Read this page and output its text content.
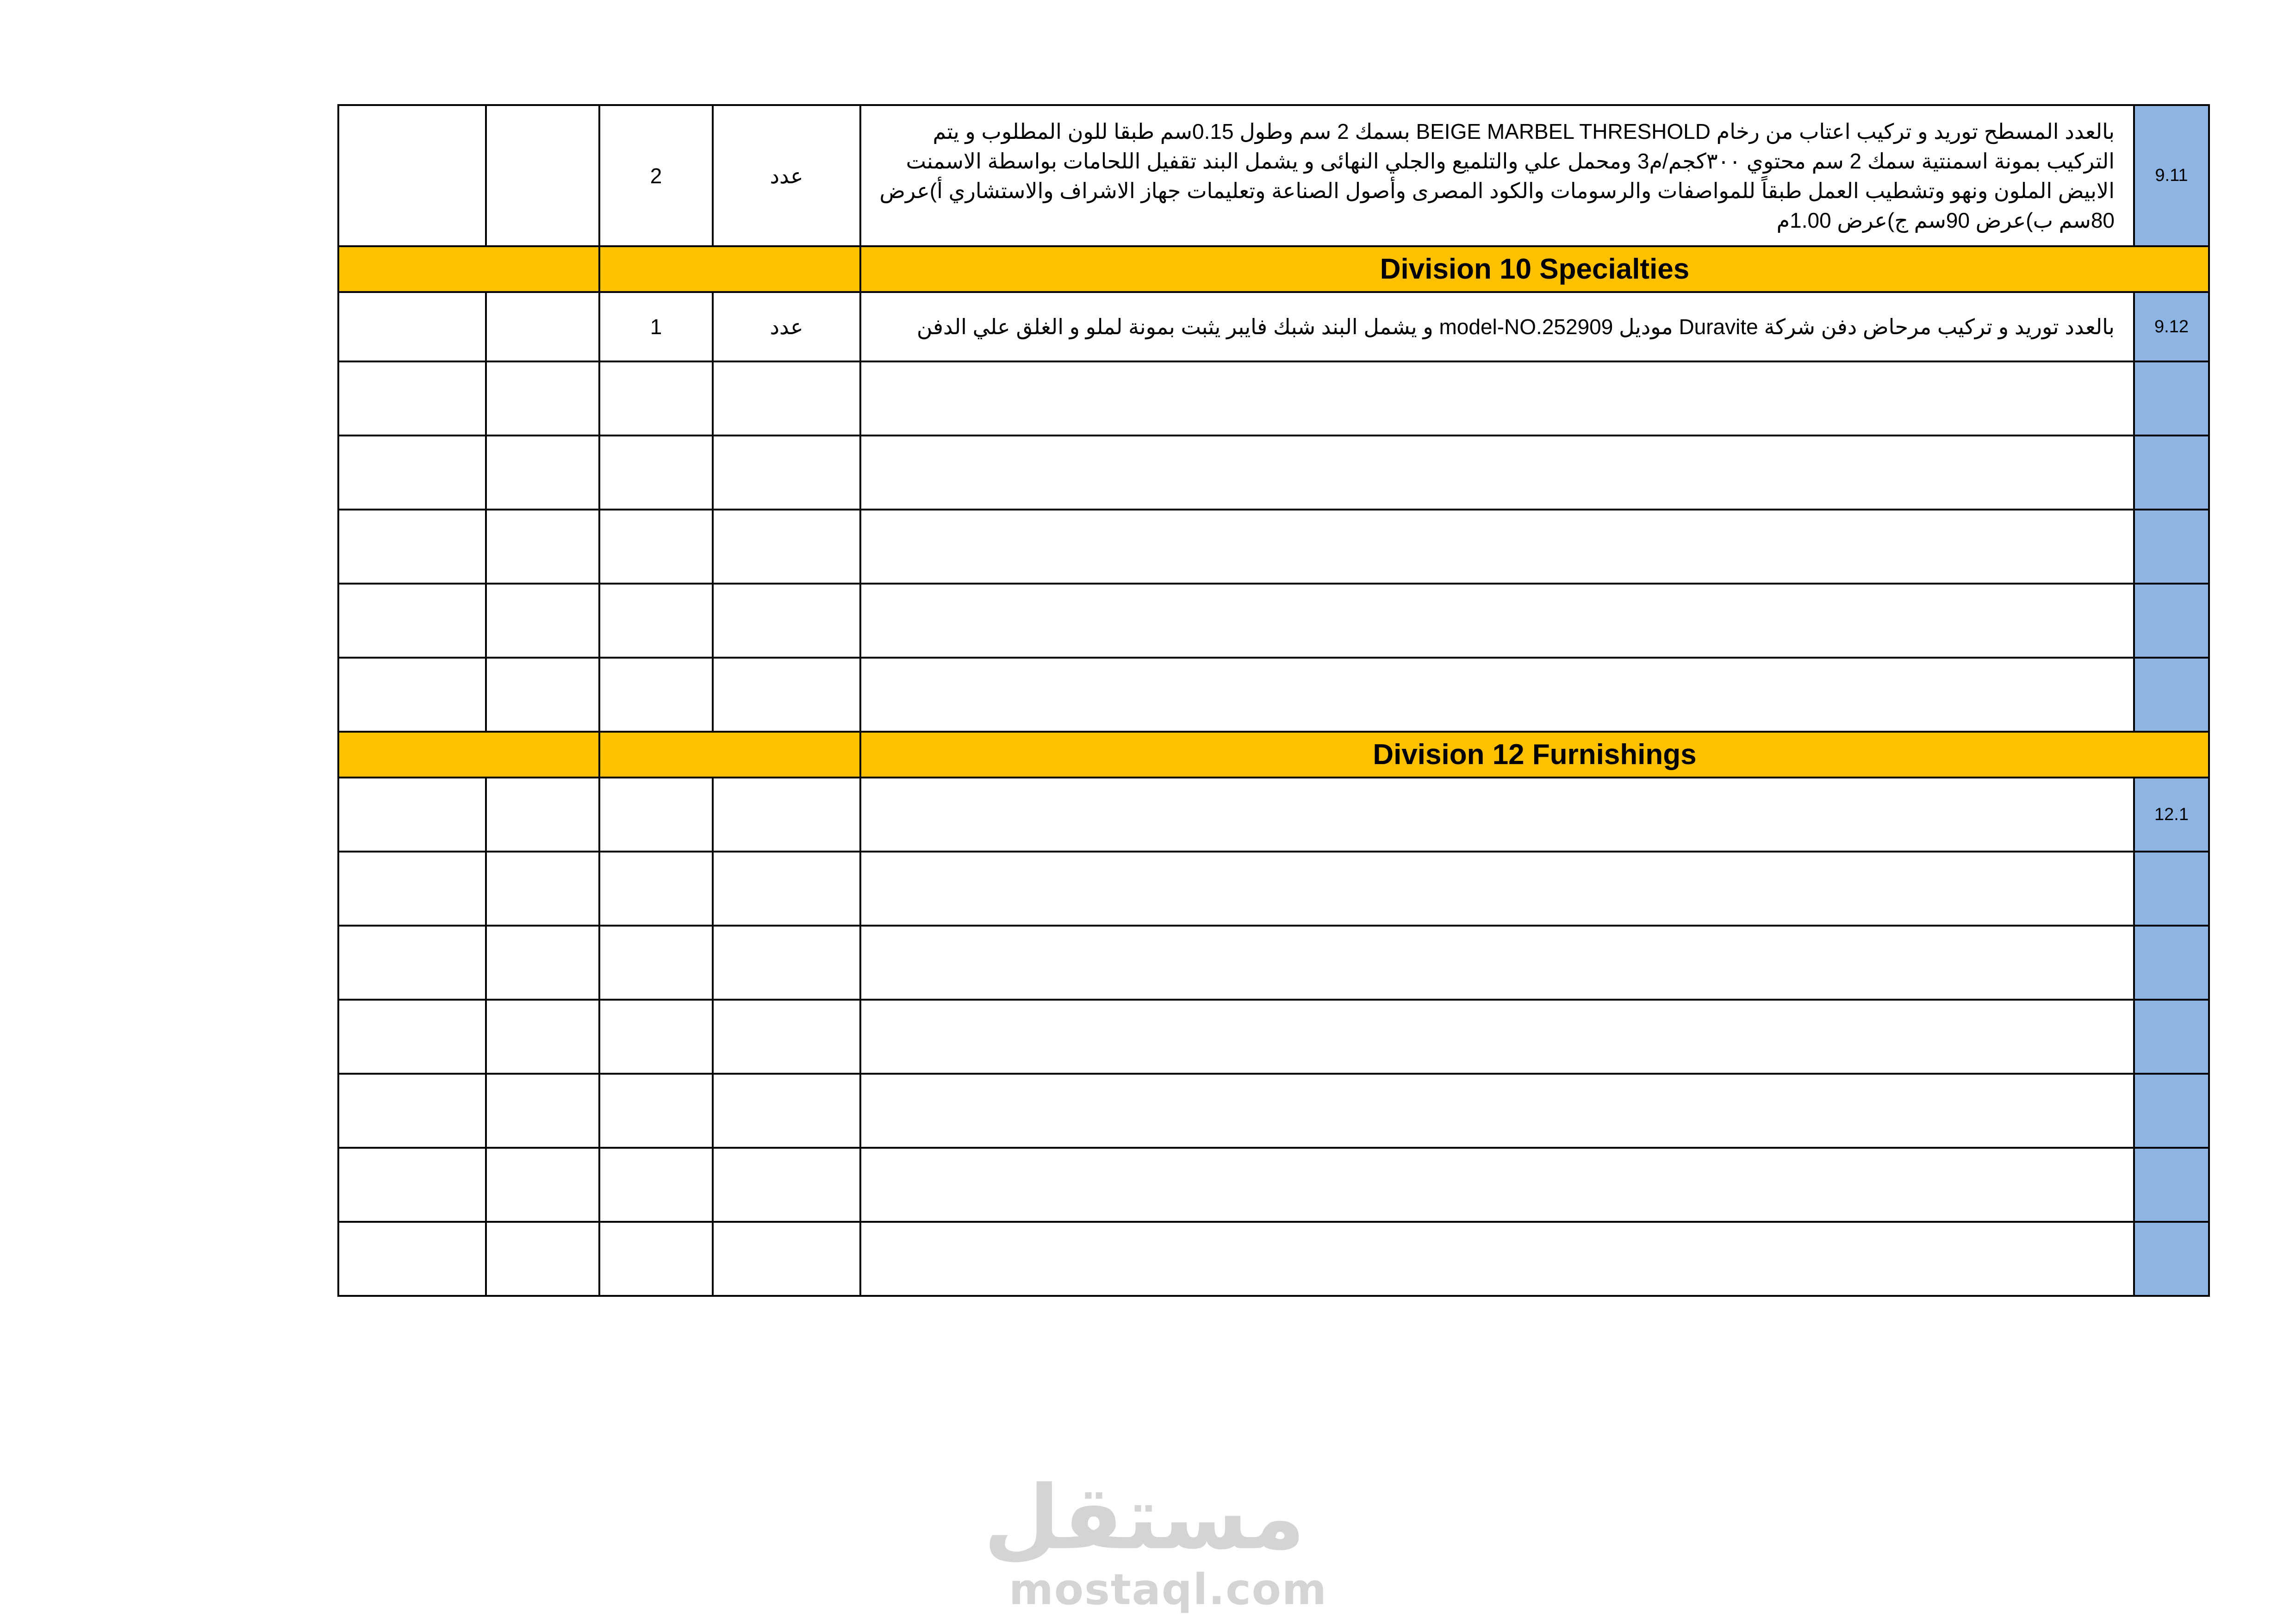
		2	عدد	بالعدد المسطح توريد و تركيب اعتاب من رخام BEIGE MARBEL THRESHOLD بسمك 2 سم وطول 0.15سم طبقا للون المطلوب و يتم التركيب بمونة اسمنتية سمك 2 سم محتوي ٣٠٠كجم/م3 ومحمل علي والتلميع والجلي النهائى و يشمل البند تقفيل اللحامات بواسطة الاسمنت الابيض الملون ونهو وتشطيب العمل طبقاً للمواصفات والرسومات والكود المصرى وأصول الصناعة وتعليمات جهاز الاشراف والاستشاري أ)عرض 80سم ب)عرض 90سم ج)عرض 1.00م	9.11
				Division 10 Specialties	
		1	عدد	بالعدد توريد و تركيب مرحاض دفن شركة Duravite موديل model-NO.252909 و يشمل البند شبك فايبر يثبت بمونة لملو و الغلق علي الدفن	9.12

				Division 12 Furnishings	
					12.1

مستقل
mostaql.com
